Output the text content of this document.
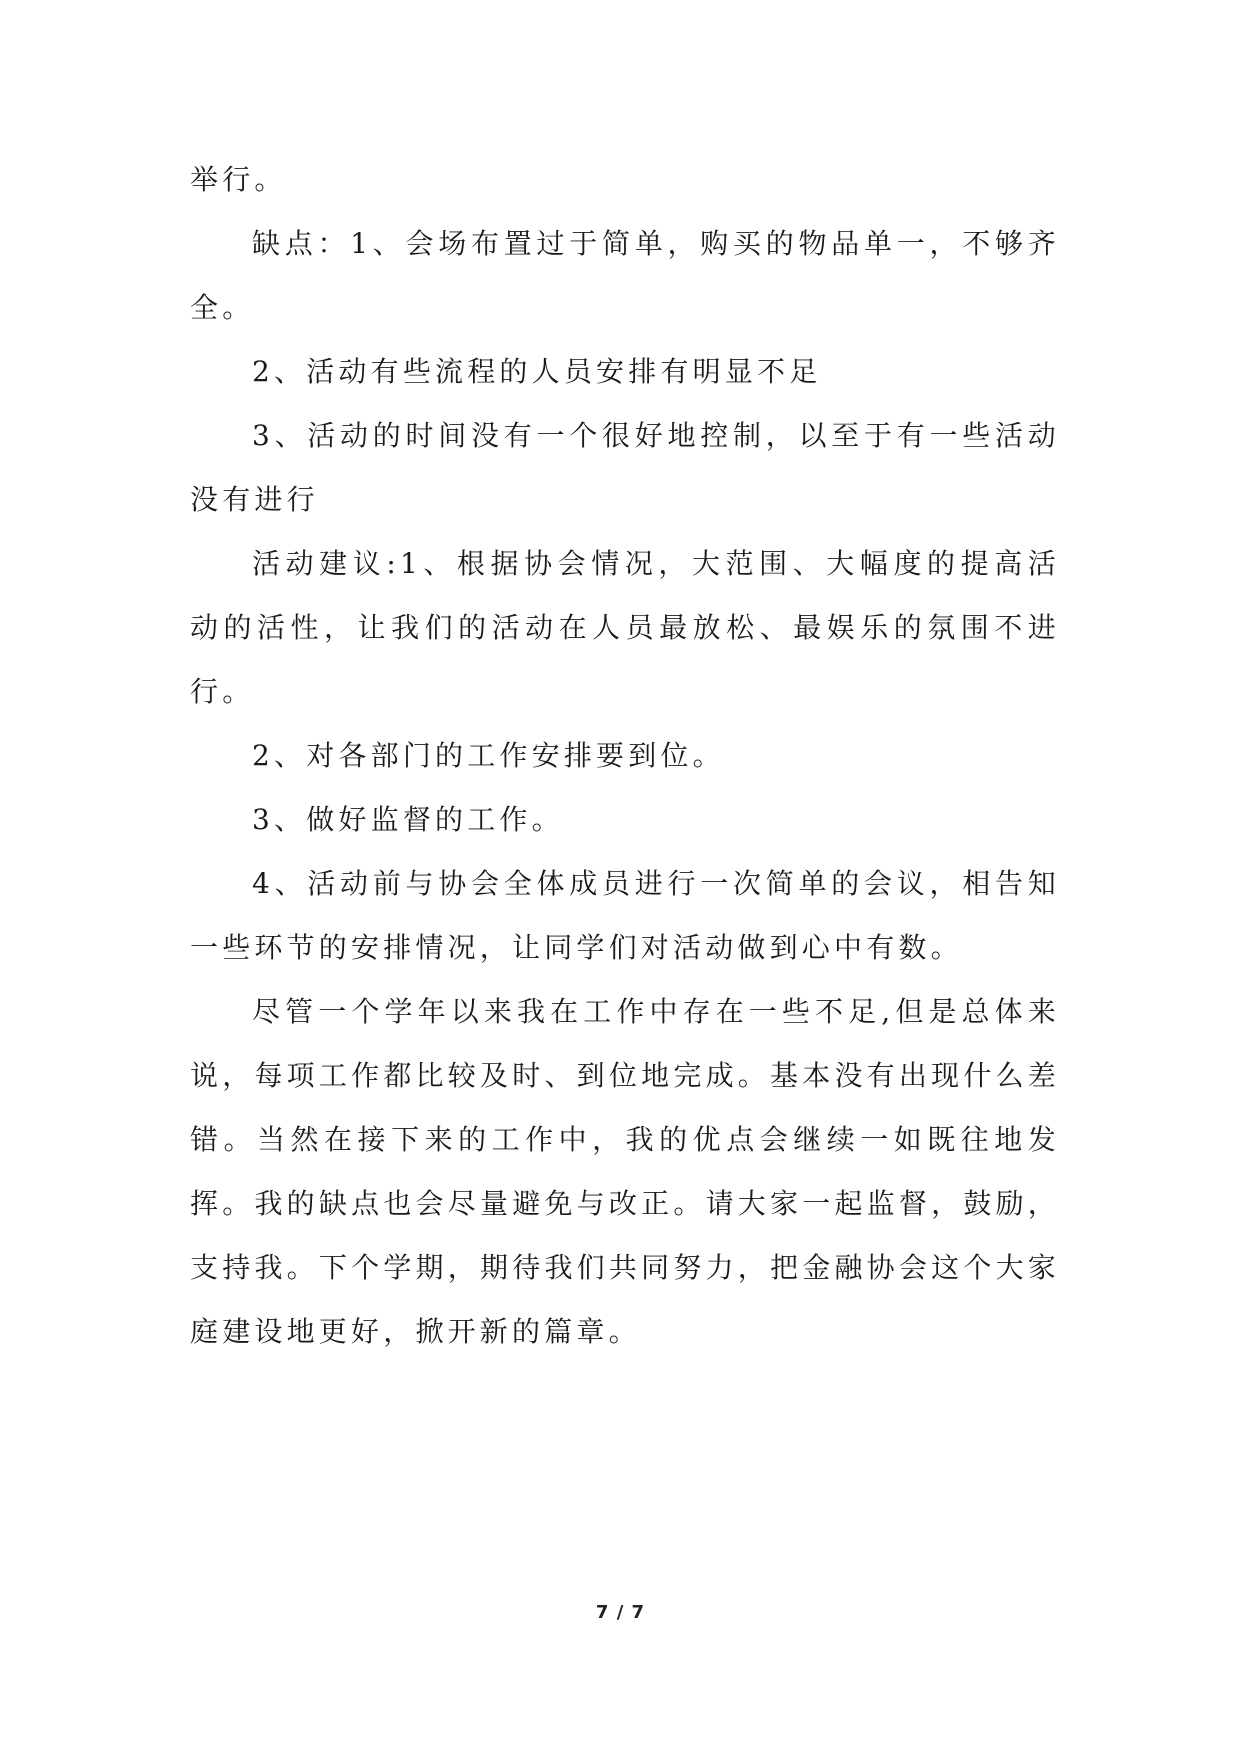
举行。

缺点：1、会场布置过于简单，购买的物品单一，不够齐全。

2、活动有些流程的人员安排有明显不足

3、活动的时间没有一个很好地控制，以至于有一些活动没有进行

活动建议:1、根据协会情况，大范围、大幅度的提高活动的活性，让我们的活动在人员最放松、最娱乐的氛围不进行。

2、对各部门的工作安排要到位。

3、做好监督的工作。

4、活动前与协会全体成员进行一次简单的会议，相告知一些环节的安排情况，让同学们对活动做到心中有数。

尽管一个学年以来我在工作中存在一些不足,但是总体来说，每项工作都比较及时、到位地完成。基本没有出现什么差错。当然在接下来的工作中，我的优点会继续一如既往地发挥。我的缺点也会尽量避免与改正。请大家一起监督，鼓励，支持我。下个学期，期待我们共同努力，把金融协会这个大家庭建设地更好，掀开新的篇章。

7 / 7
